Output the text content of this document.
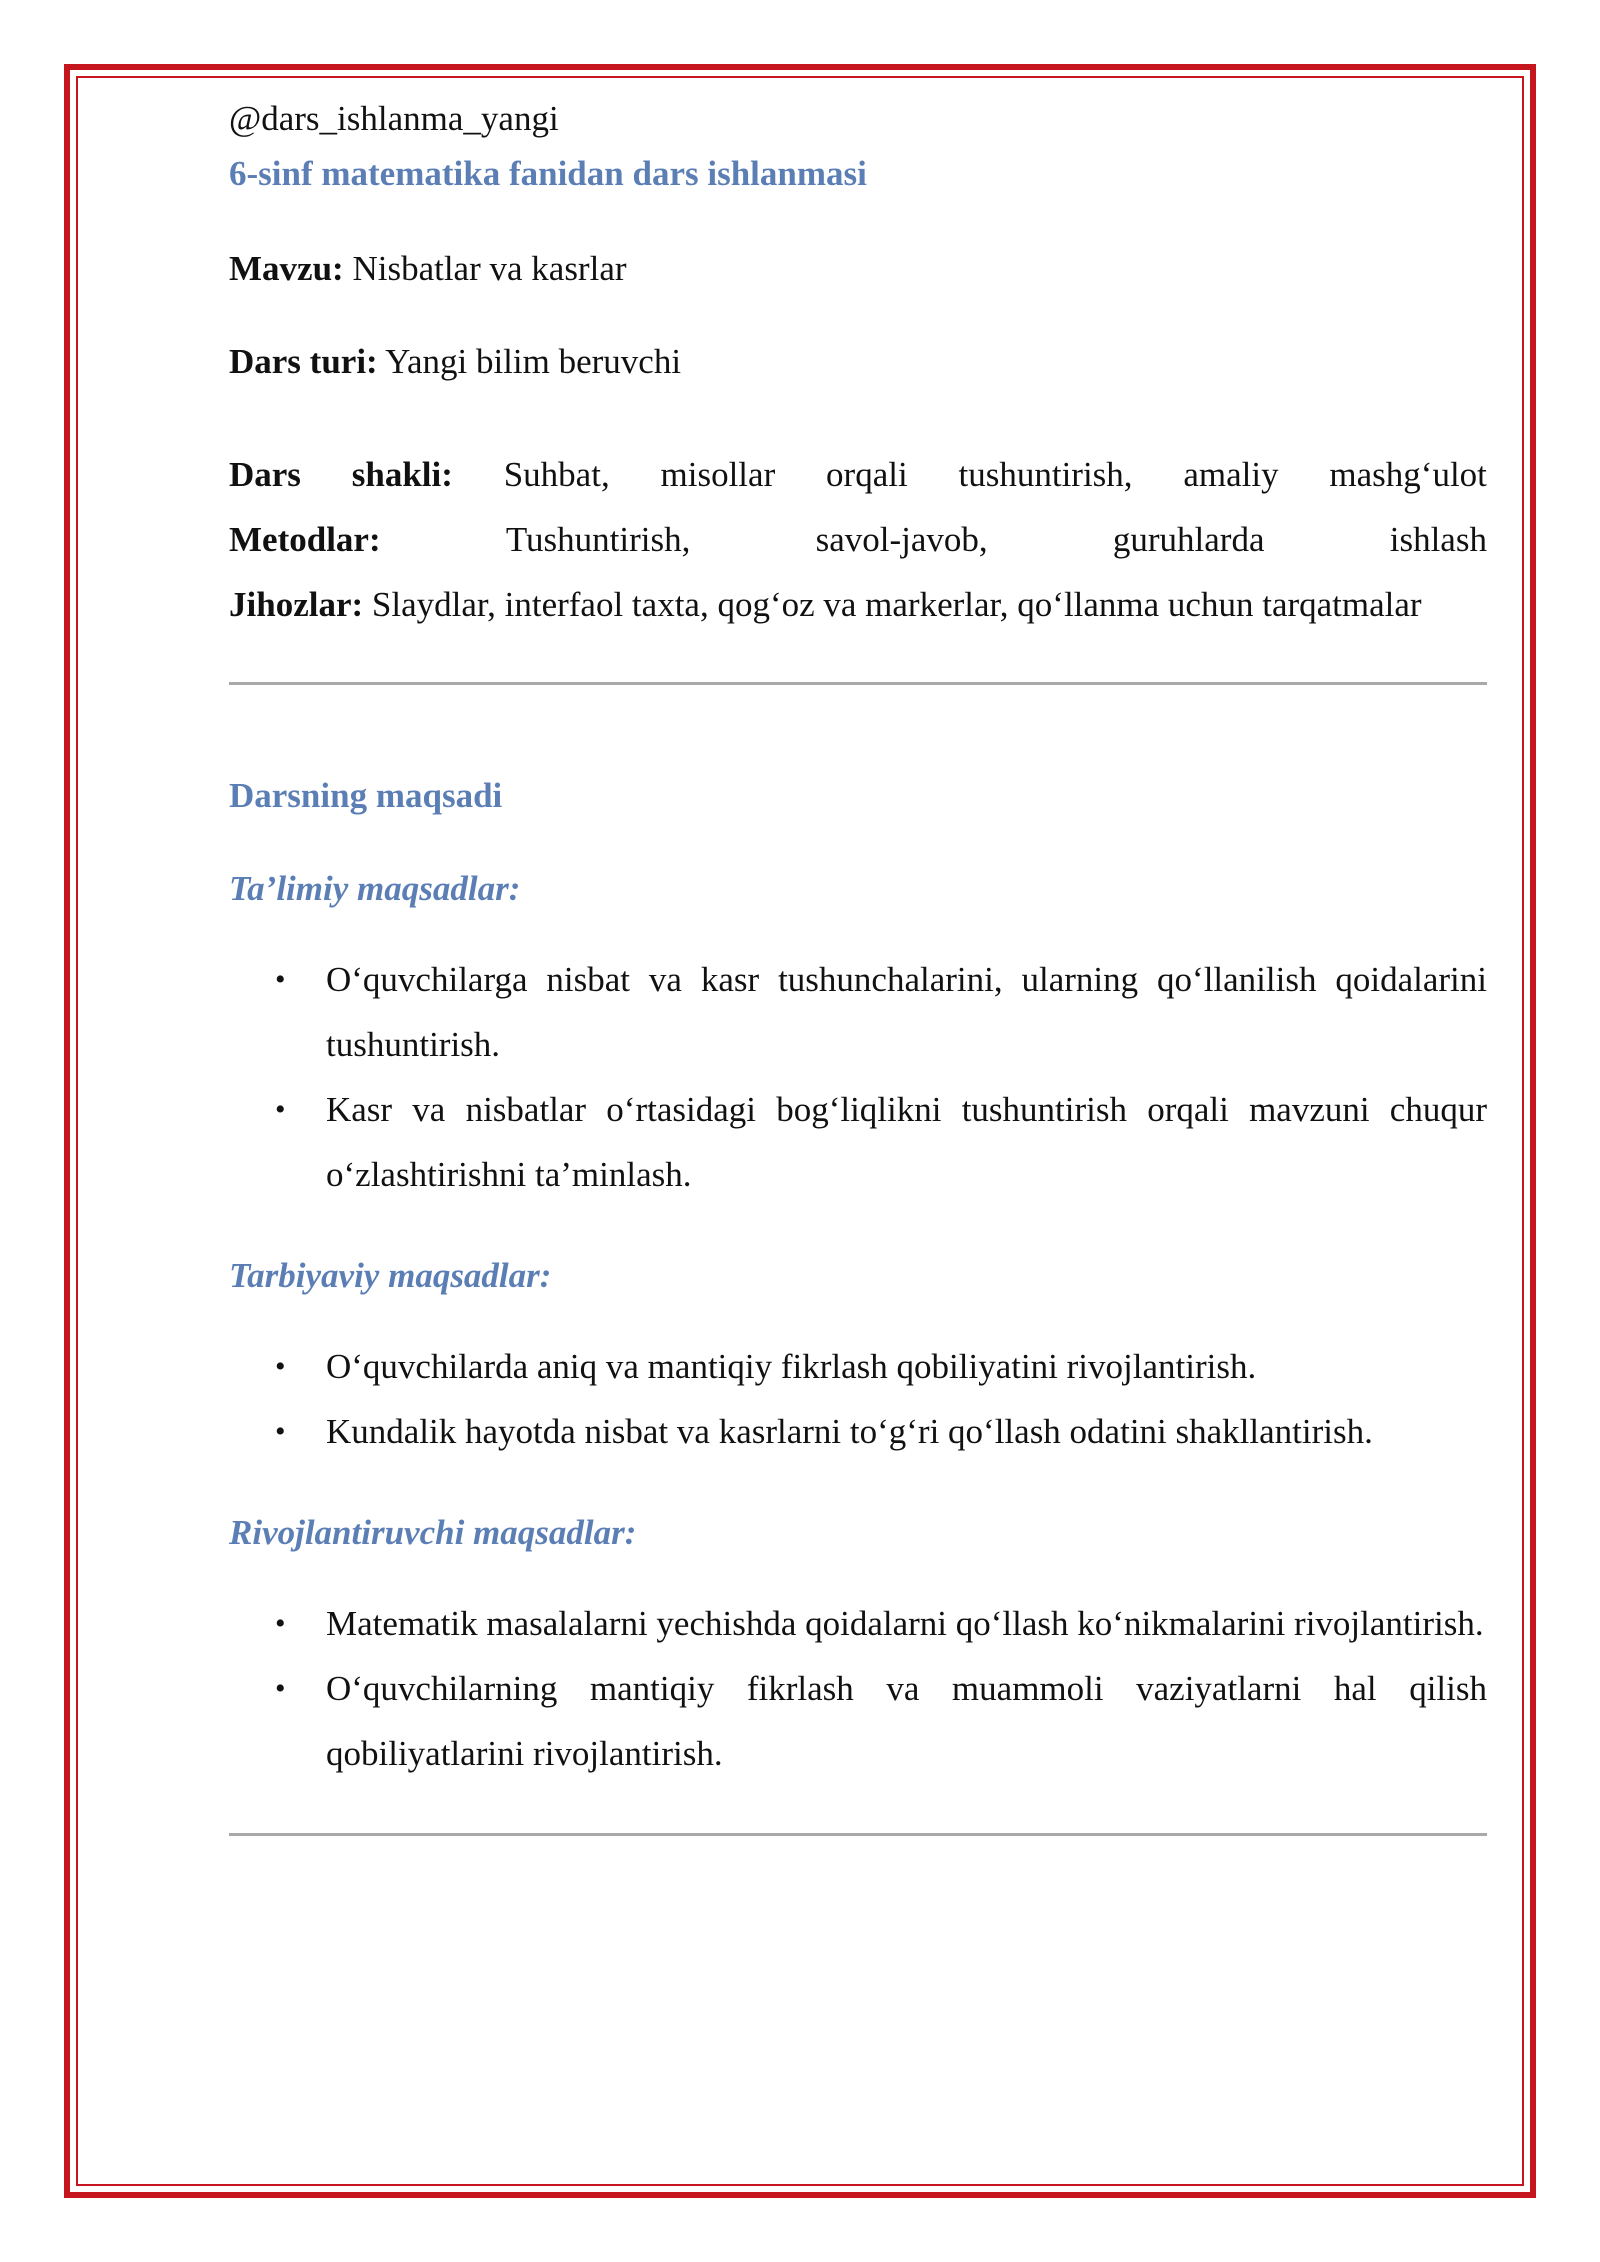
@dars_ishlanma_yangi

6-sinf matematika fanidan dars ishlanmasi

Mavzu: Nisbatlar va kasrlar

Dars turi: Yangi bilim beruvchi

Dars shakli: Suhbat, misollar orqali tushuntirish, amaliy mashg‘ulot
Metodlar:	Tushuntirish,	savol-javob,	guruhlarda	ishlash
Jihozlar: Slaydlar, interfaol taxta, qog‘oz va markerlar, qo‘llanma uchun tarqatmalar
Darsning maqsadi
Ta’limiy maqsadlar:
• O‘quvchilarga nisbat va kasr tushunchalarini, ularning qo‘llanilish qoidalarini tushuntirish.
• Kasr va nisbatlar o‘rtasidagi bog‘liqlikni tushuntirish orqali mavzuni chuqur o‘zlashtirishni ta’minlash.
Tarbiyaviy maqsadlar:
• O‘quvchilarda aniq va mantiqiy fikrlash qobiliyatini rivojlantirish.
• Kundalik hayotda nisbat va kasrlarni to‘g‘ri qo‘llash odatini shakllantirish.
Rivojlantiruvchi maqsadlar:
• Matematik masalalarni yechishda qoidalarni qo‘llash ko‘nikmalarini rivojlantirish.
• O‘quvchilarning mantiqiy fikrlash va muammoli vaziyatlarni hal qilish qobiliyatlarini rivojlantirish.
